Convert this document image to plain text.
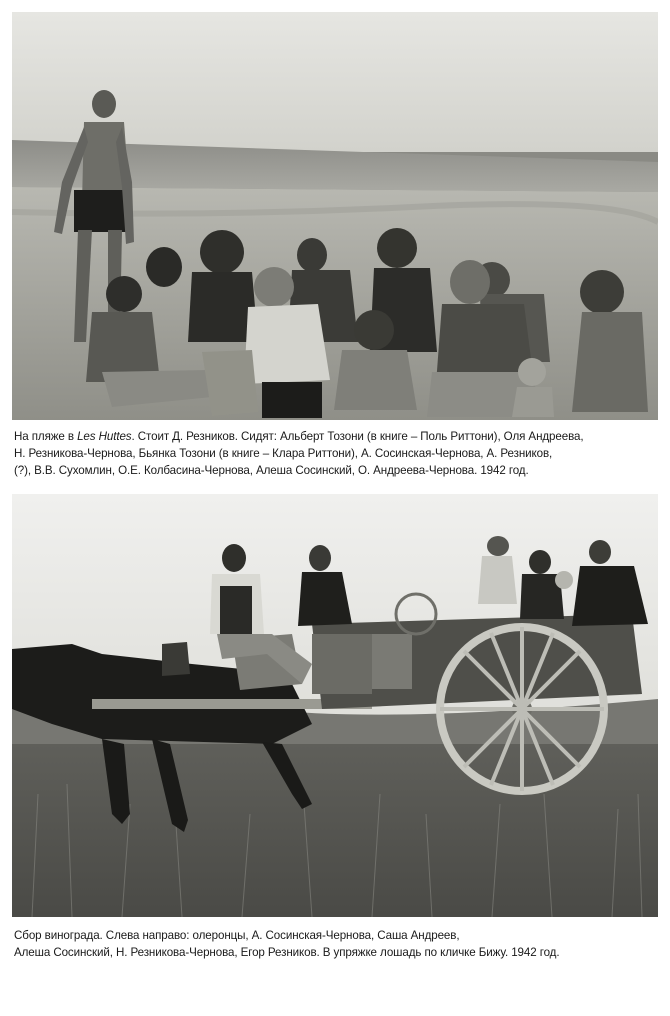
На пляже в Les Huttes. Стоит Д. Резников. Сидят: Альберт Тозони (в книге – Поль Риттони), Оля Андреева,

Н. Резникова-Чернова, Бьянка Тозони (в книге – Клара Риттони), А. Сосинская-Чернова, А. Резников,

(?), В.В. Сухомлин, О.Е. Колбасина-Чернова, Алеша Сосинский, О. Андреева-Чернова. 1942 год.

Сбор винограда. Слева направо: олеронцы, А. Сосинская-Чернова, Саша Андреев,

Алеша Сосинский, Н. Резникова-Чернова, Егор Резников. В упряжке лошадь по кличке Бижу. 1942 год.
